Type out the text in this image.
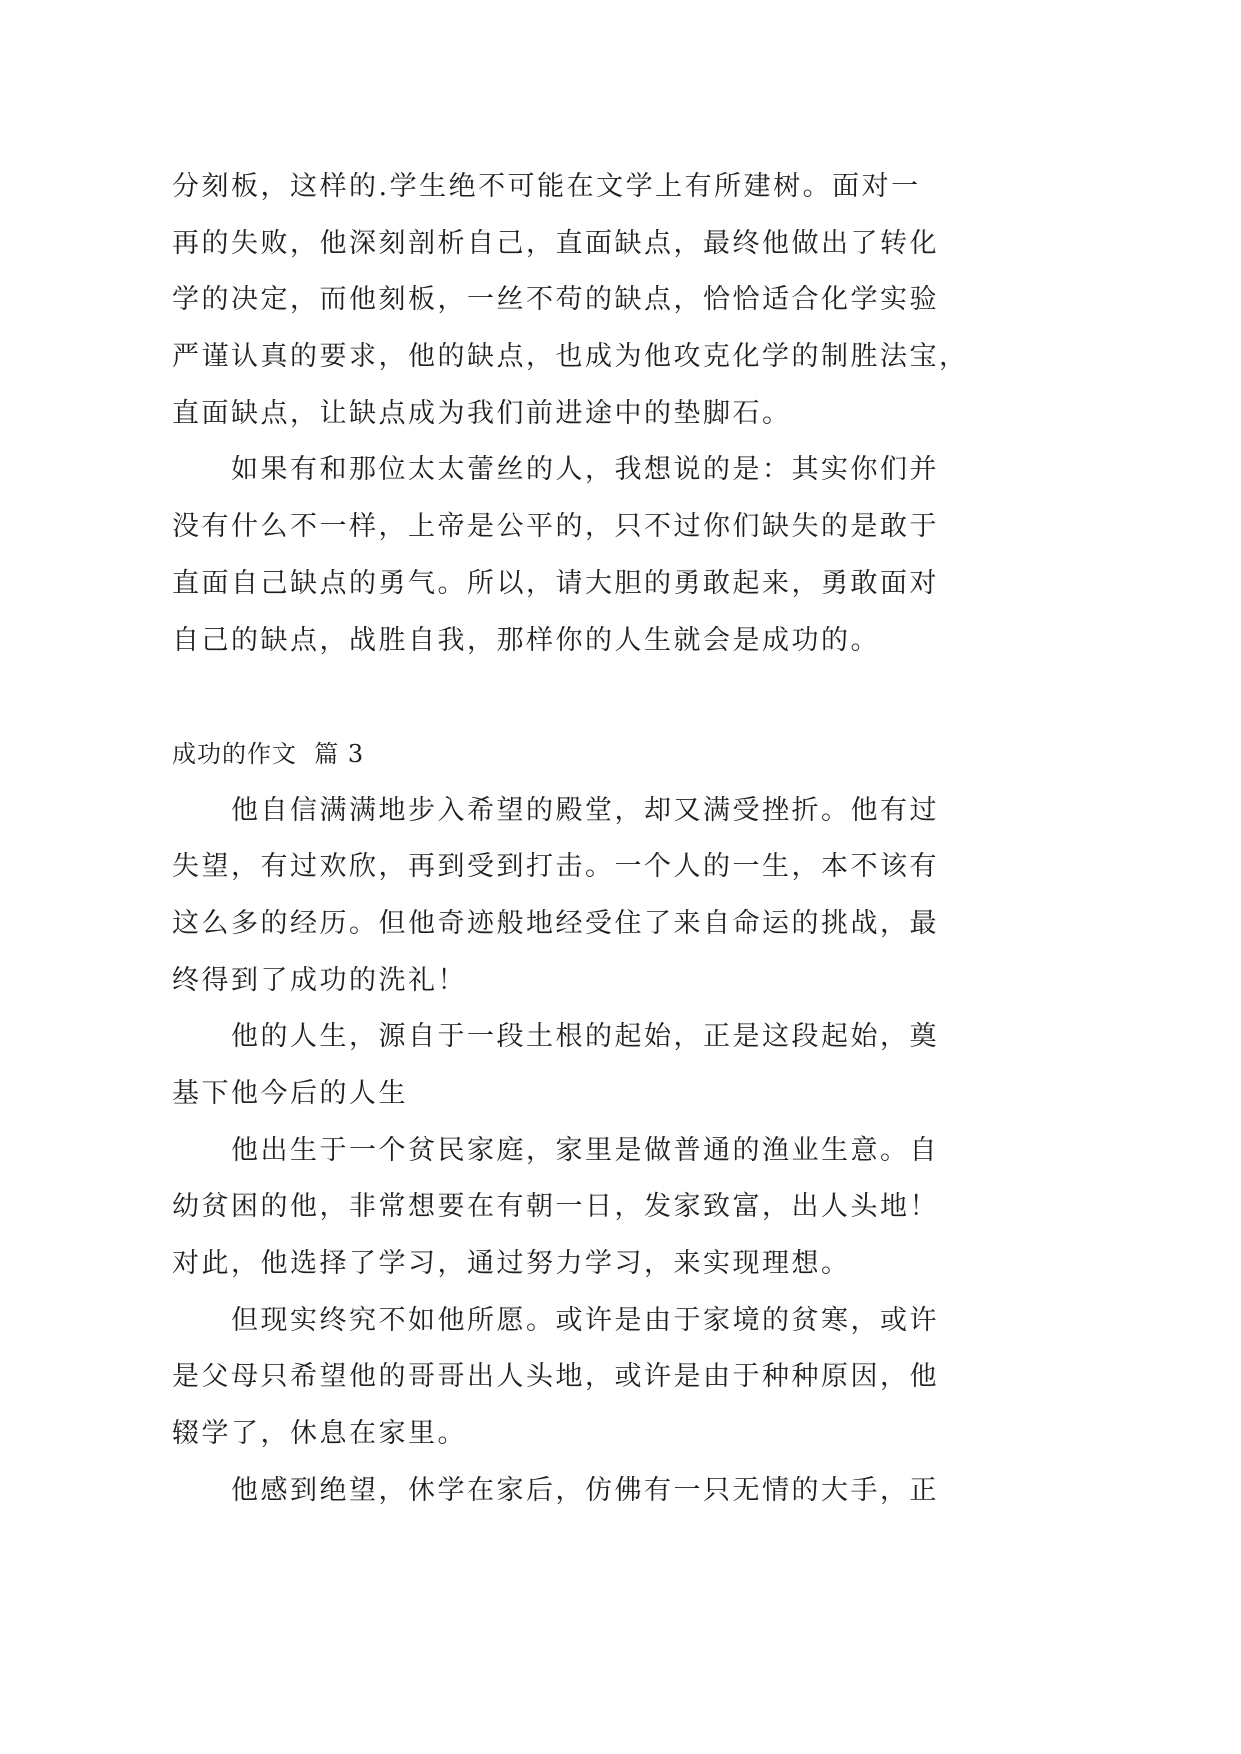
分刻板，这样的.学生绝不可能在文学上有所建树。面对一
再的失败，他深刻剖析自己，直面缺点，最终他做出了转化
学的决定，而他刻板，一丝不苟的缺点，恰恰适合化学实验
严谨认真的要求，他的缺点，也成为他攻克化学的制胜法宝，
直面缺点，让缺点成为我们前进途中的垫脚石。
如果有和那位太太蕾丝的人，我想说的是：其实你们并
没有什么不一样，上帝是公平的，只不过你们缺失的是敢于
直面自己缺点的勇气。所以，请大胆的勇敢起来，勇敢面对
自己的缺点，战胜自我，那样你的人生就会是成功的。
成功的作文  篇 3
他自信满满地步入希望的殿堂，却又满受挫折。他有过
失望，有过欢欣，再到受到打击。一个人的一生，本不该有
这么多的经历。但他奇迹般地经受住了来自命运的挑战，最
终得到了成功的洗礼！
他的人生，源自于一段土根的起始，正是这段起始，奠
基下他今后的人生
他出生于一个贫民家庭，家里是做普通的渔业生意。自
幼贫困的他，非常想要在有朝一日，发家致富，出人头地！
对此，他选择了学习，通过努力学习，来实现理想。
但现实终究不如他所愿。或许是由于家境的贫寒，或许
是父母只希望他的哥哥出人头地，或许是由于种种原因，他
辍学了，休息在家里。
他感到绝望，休学在家后，仿佛有一只无情的大手，正
